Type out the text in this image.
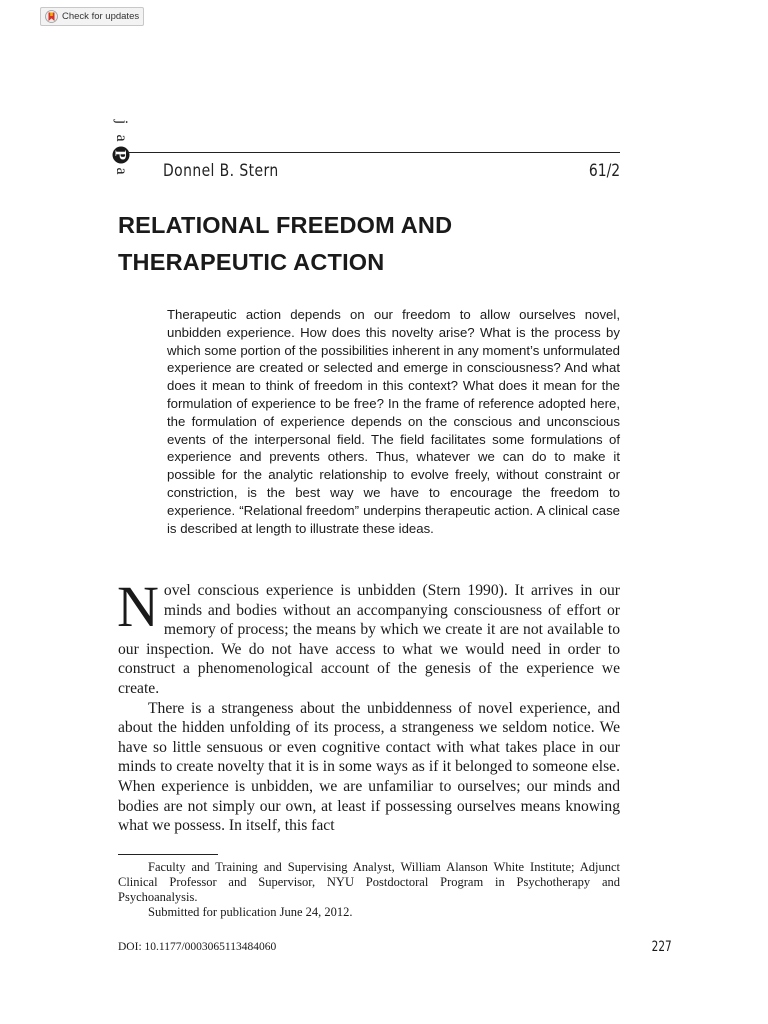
Check for updates
j
a
P
a Donnel B. Stern	61/2
RELATIONAL FREEDOM AND
THERAPEUTIC ACTION

Therapeutic action depends on our freedom to allow ourselves novel, unbidden experience. How does this novelty arise? What is the process by which some portion of the possibilities inherent in any moment’s unformulated experience are created or selected and emerge in consciousness? And what does it mean to think of freedom in this context? What does it mean for the formulation of experience to be free? In the frame of reference adopted here, the formulation of experience depends on the conscious and unconscious events of the interpersonal field. The field facilitates some formulations of experience and prevents others. Thus, whatever we can do to make it possible for the analytic relationship to evolve freely, without constraint or constriction, is the best way we have to encourage the freedom to experience. “Relational freedom” underpins therapeutic action. A clinical case is described at length to illustrate these ideas.

Novel conscious experience is unbidden (Stern 1990). It arrives in our minds and bodies without an accompanying consciousness of effort or memory of process; the means by which we create it are not available to our inspection. We do not have access to what we would need in order to construct a phenomenological account of the genesis of the experience we create.

There is a strangeness about the unbiddenness of novel experience, and about the hidden unfolding of its process, a strangeness we seldom notice. We have so little sensuous or even cognitive contact with what takes place in our minds to create novelty that it is in some ways as if it belonged to someone else. When experience is unbidden, we are unfamiliar to ourselves; our minds and bodies are not simply our own, at least if possessing ourselves means knowing what we possess. In itself, this fact

Faculty and Training and Supervising Analyst, William Alanson White Institute; Adjunct Clinical Professor and Supervisor, NYU Postdoctoral Program in Psychotherapy and Psychoanalysis.

Submitted for publication June 24, 2012.

DOI: 10.1177/0003065113484060	227
